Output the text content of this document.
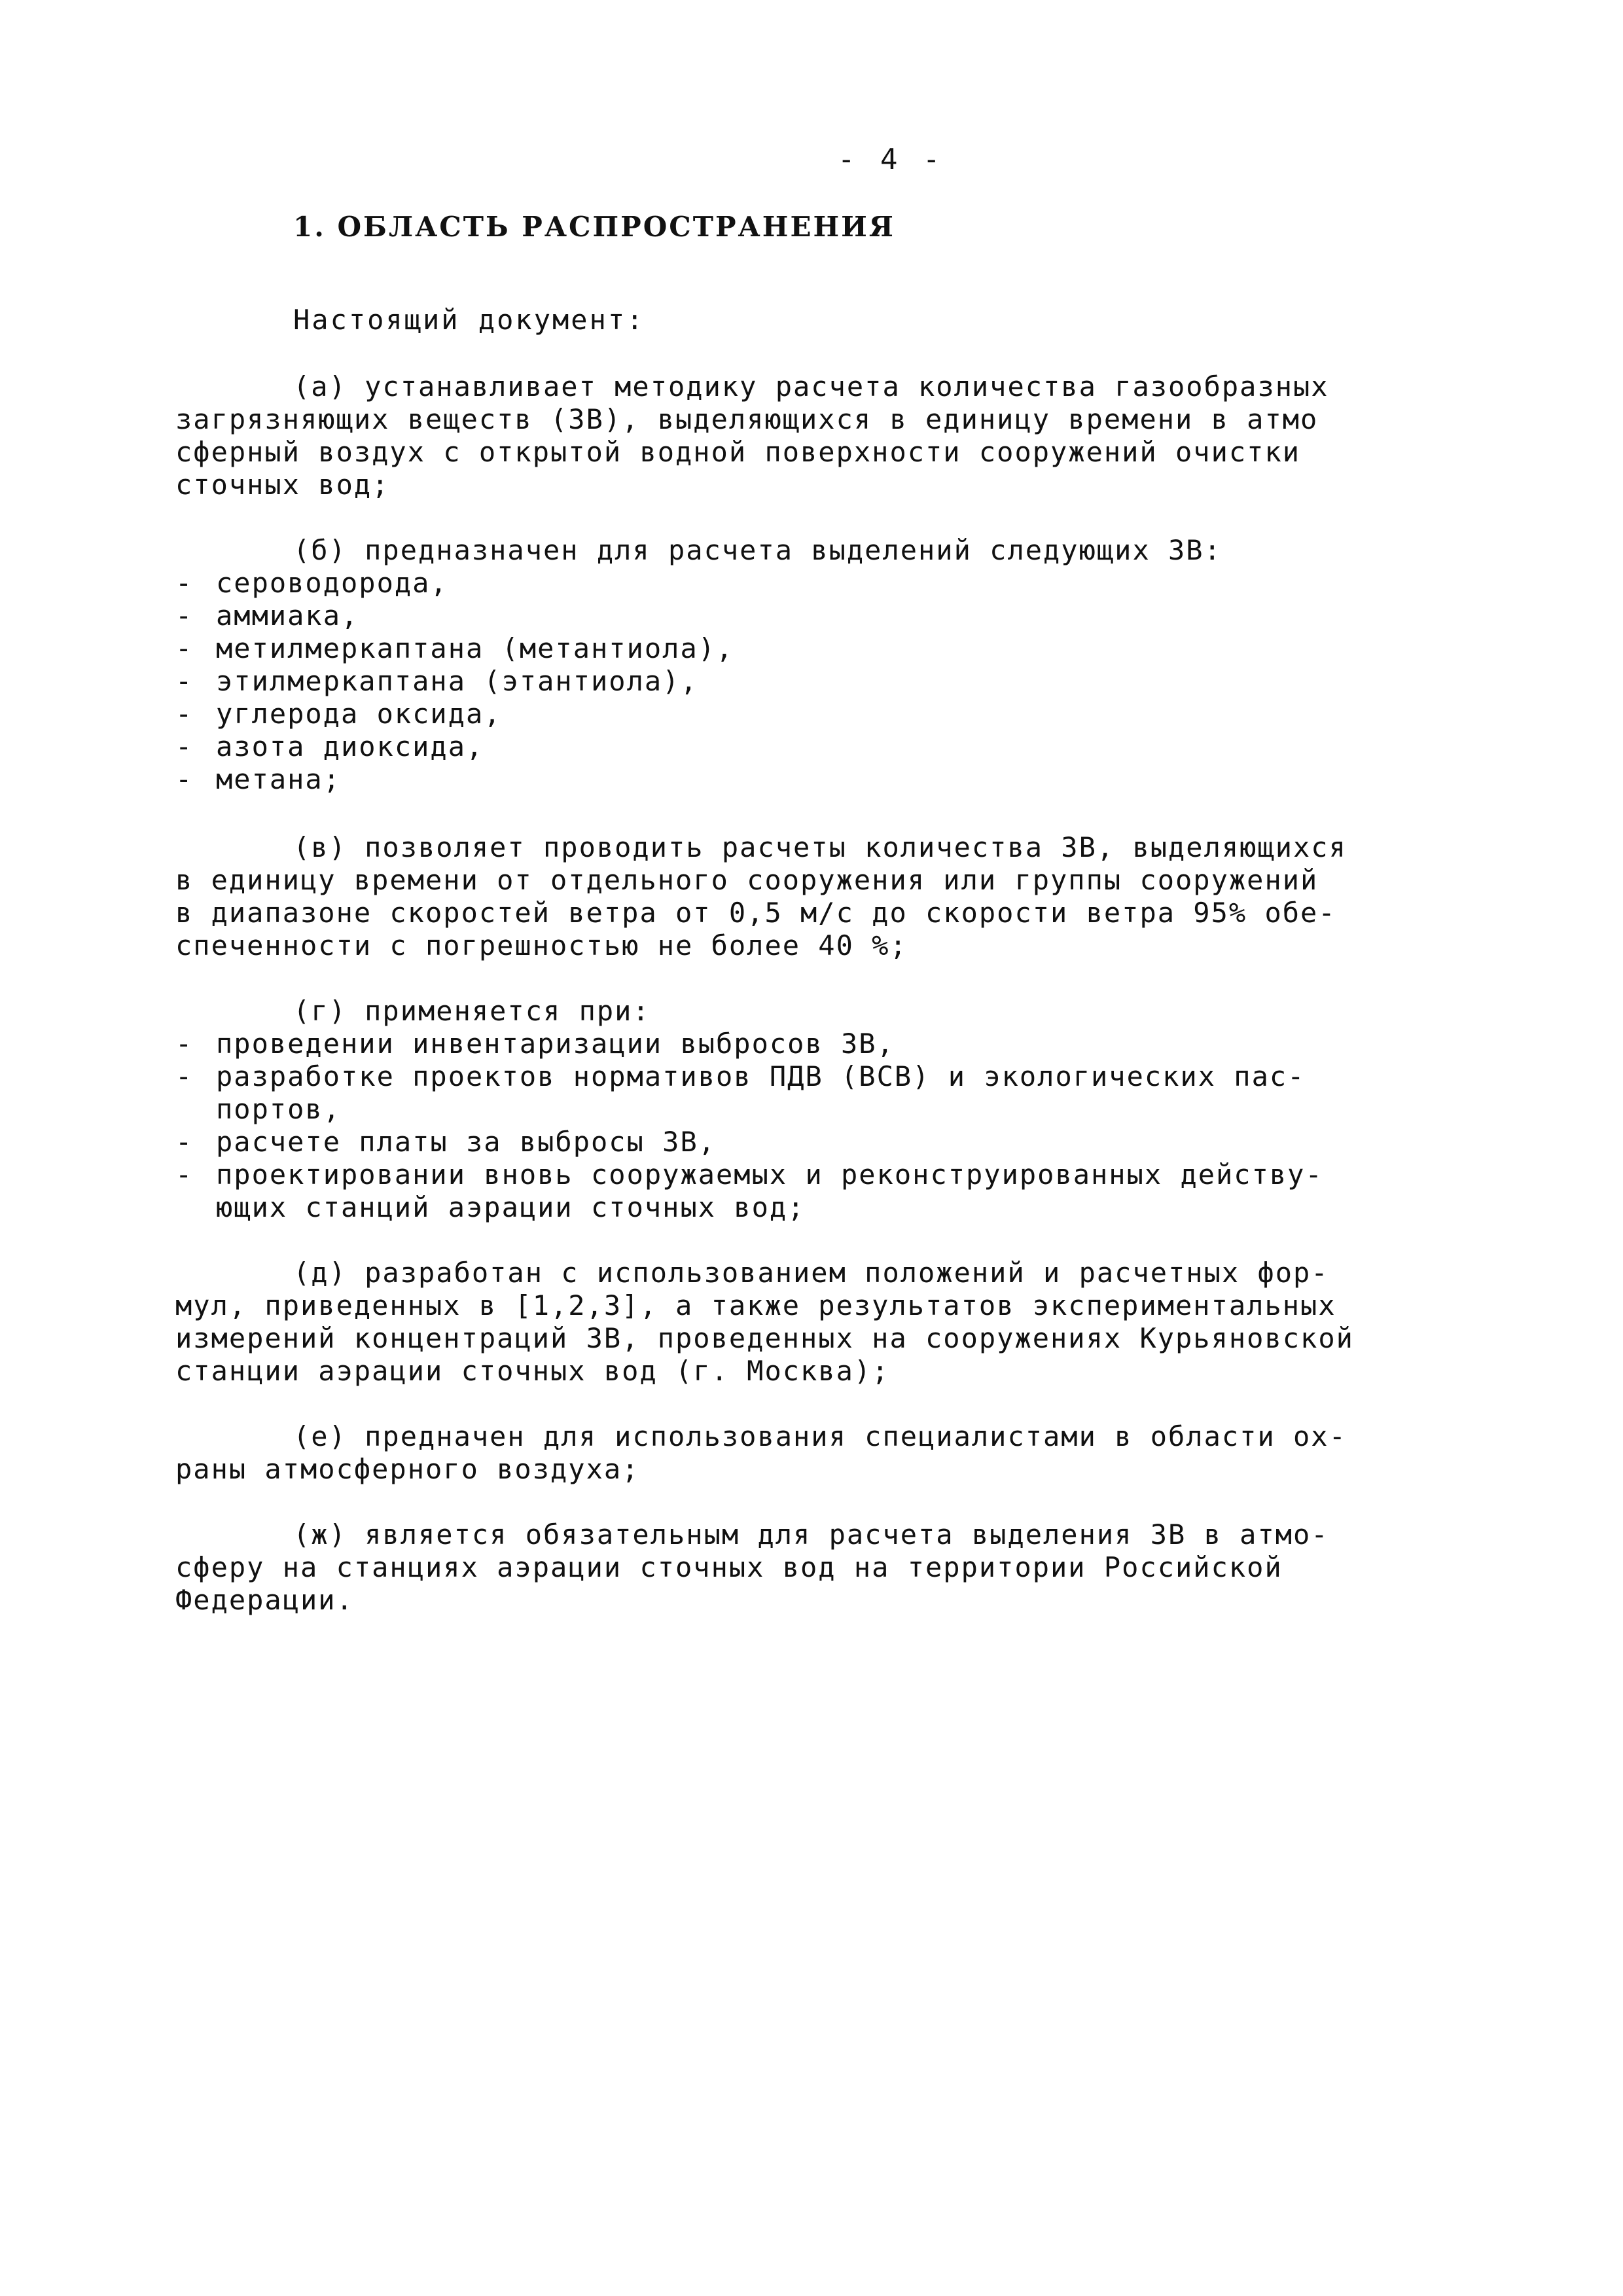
- 4 -
1. ОБЛАСТЬ РАСПРОСТРАНЕНИЯ
Настоящий документ:
(а) устанавливает методику расчета количества газообразных
загрязняющих веществ (ЗВ), выделяющихся в единицу времени в атмо
сферный воздух с открытой водной поверхности сооружений очистки
сточных вод;
(б) предназначен для расчета выделений следующих ЗВ:
- сероводорода,
- аммиака,
- метилмеркаптана (метантиола),
- этилмеркаптана (этантиола),
- углерода оксида,
- азота диоксида,
- метана;
(в) позволяет проводить расчеты количества ЗВ, выделяющихся
в единицу времени от отдельного сооружения или группы сооружений
в диапазоне скоростей ветра от 0,5 м/с до скорости ветра 95% обе-
спеченности с погрешностью не более 40 %;
(г) применяется при:
- проведении инвентаризации выбросов ЗВ,
- разработке проектов нормативов ПДВ (ВСВ) и экологических пас-
портов,
- расчете платы за выбросы ЗВ,
- проектировании вновь сооружаемых и реконструированных действу-
ющих станций аэрации сточных вод;
(д) разработан с использованием положений и расчетных фор-
мул, приведенных в [1,2,3], а также результатов экспериментальных
измерений концентраций ЗВ, проведенных на сооружениях Курьяновской
станции аэрации сточных вод (г. Москва);
(е) предначен для использования специалистами в области ох-
раны атмосферного воздуха;
(ж) является обязательным для расчета выделения ЗВ в атмо-
сферу на станциях аэрации сточных вод на территории Российской
Федерации.
